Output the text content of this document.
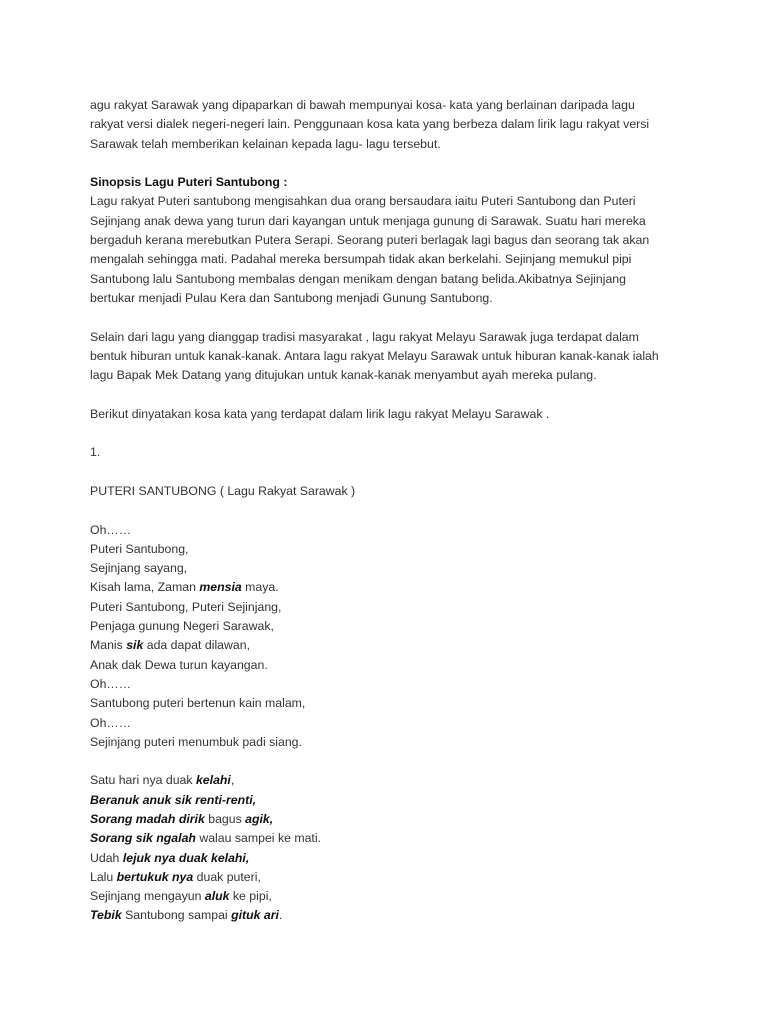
agu rakyat Sarawak yang dipaparkan di bawah mempunyai kosa- kata yang berlainan daripada lagu
rakyat versi dialek negeri-negeri lain. Penggunaan kosa kata yang berbeza dalam lirik lagu rakyat versi
Sarawak telah memberikan kelainan kepada lagu- lagu tersebut.

Sinopsis Lagu Puteri Santubong :
Lagu rakyat Puteri santubong mengisahkan dua orang bersaudara iaitu Puteri Santubong dan Puteri
Sejinjang anak dewa yang turun dari kayangan untuk menjaga gunung di Sarawak. Suatu hari mereka
bergaduh kerana merebutkan Putera Serapi. Seorang puteri berlagak lagi bagus dan seorang tak akan
mengalah sehingga mati. Padahal mereka bersumpah tidak akan berkelahi. Sejinjang memukul pipi
Santubong lalu Santubong membalas dengan menikam dengan batang belida.Akibatnya Sejinjang
bertukar menjadi Pulau Kera dan Santubong menjadi Gunung Santubong.

Selain dari lagu yang dianggap tradisi masyarakat , lagu rakyat Melayu Sarawak juga terdapat dalam
bentuk hiburan untuk kanak-kanak. Antara lagu rakyat Melayu Sarawak untuk hiburan kanak-kanak ialah
lagu Bapak Mek Datang yang ditujukan untuk kanak-kanak menyambut ayah mereka pulang.

Berikut dinyatakan kosa kata yang terdapat dalam lirik lagu rakyat Melayu Sarawak .

1.

PUTERI SANTUBONG ( Lagu Rakyat Sarawak )

Oh……
Puteri Santubong,
Sejinjang sayang,
Kisah lama, Zaman mensia maya.
Puteri Santubong, Puteri Sejinjang,
Penjaga gunung Negeri Sarawak,
Manis sik ada dapat dilawan,
Anak dak Dewa turun kayangan.
Oh……
Santubong puteri bertenun kain malam,
Oh……
Sejinjang puteri menumbuk padi siang.

Satu hari nya duak kelahi,
Beranuk anuk sik renti-renti,
Sorang madah dirik bagus agik,
Sorang sik ngalah walau sampei ke mati.
Udah lejuk nya duak kelahi,
Lalu bertukuk nya duak puteri,
Sejinjang mengayun aluk ke pipi,
Tebik Santubong sampai gituk ari.
